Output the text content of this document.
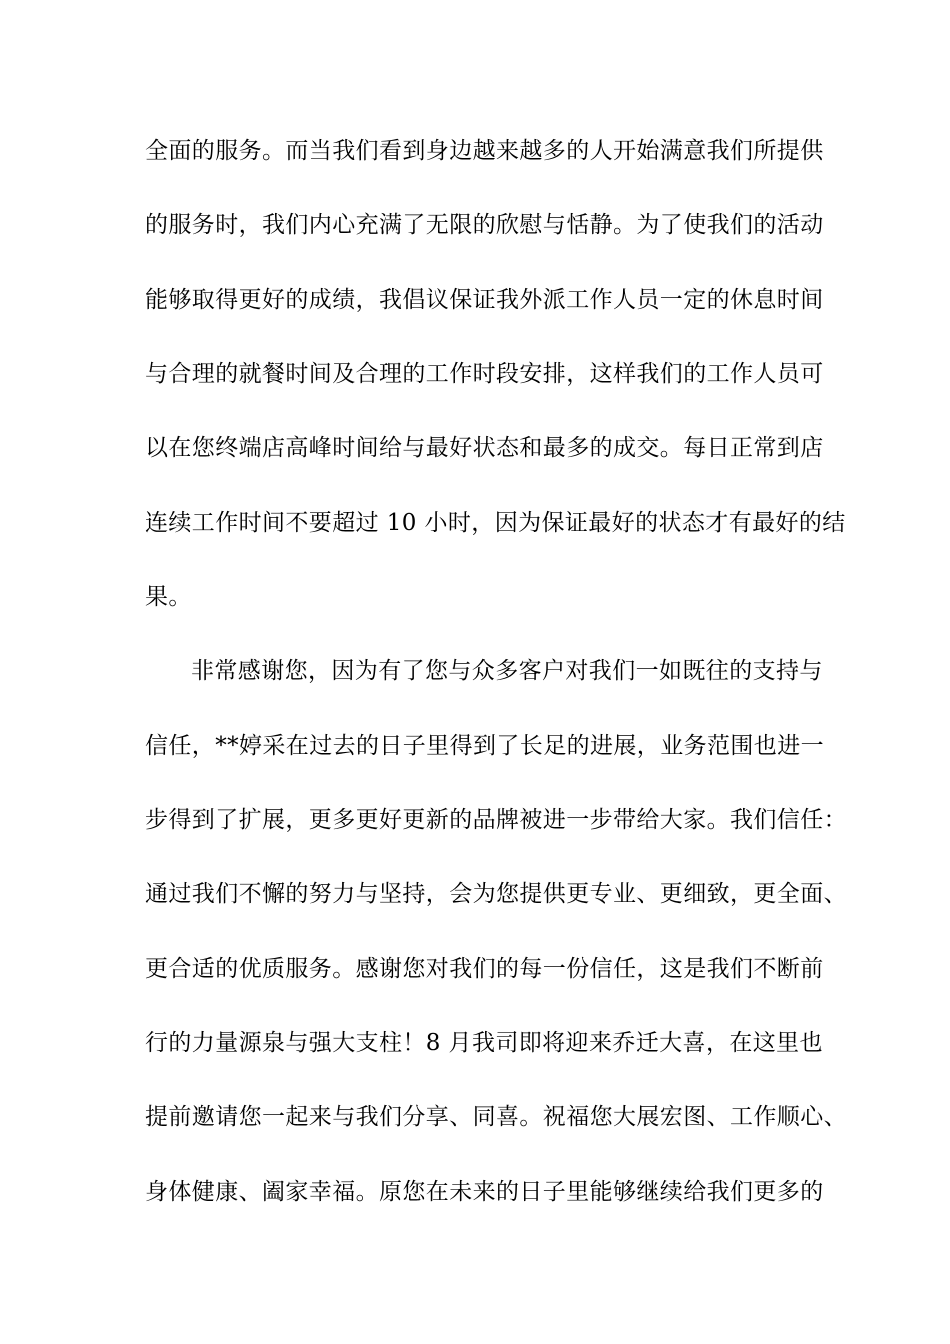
全面的服务。而当我们看到身边越来越多的人开始满意我们所提供
的服务时，我们内心充满了无限的欣慰与恬静。为了使我们的活动
能够取得更好的成绩，我倡议保证我外派工作人员一定的休息时间
与合理的就餐时间及合理的工作时段安排，这样我们的工作人员可
以在您终端店高峰时间给与最好状态和最多的成交。每日正常到店
连续工作时间不要超过 10 小时，因为保证最好的状态才有最好的结
果。
非常感谢您，因为有了您与众多客户对我们一如既往的支持与
信任，**婷采在过去的日子里得到了长足的进展，业务范围也进一
步得到了扩展，更多更好更新的品牌被进一步带给大家。我们信任：
通过我们不懈的努力与坚持，会为您提供更专业、更细致，更全面、
更合适的优质服务。感谢您对我们的每一份信任，这是我们不断前
行的力量源泉与强大支柱！8 月我司即将迎来乔迁大喜，在这里也
提前邀请您一起来与我们分享、同喜。祝福您大展宏图、工作顺心、
身体健康、阖家幸福。原您在未来的日子里能够继续给我们更多的
